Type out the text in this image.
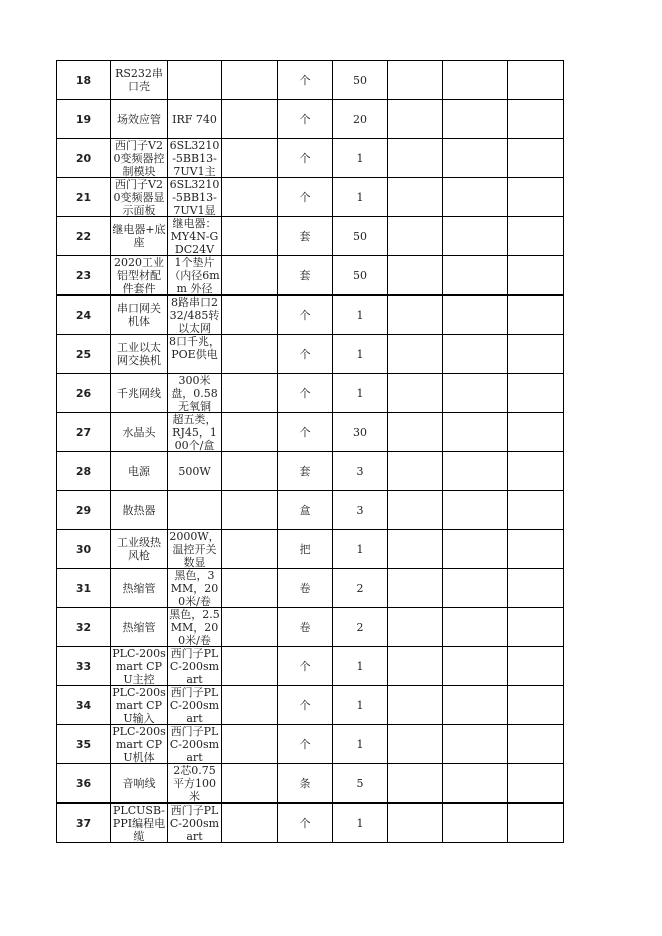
18	RS232串口壳			个	50			

19	场效应管	IRF 740		个	20			

20	西门子V20变频器控制模块	6SL3210-5BB13-7UV1主		个	1			

21	西门子V20变频器显示面板	6SL3210-5BB13-7UV1显		个	1			

22	继电器+底座	继电器：MY4N-G DC24V		套	50			

23	2020工业铝型材配件套件	1个垫片（内径6mm 外径		套	50			

24	串口网关机体	8路串口232/485转以太网		个	1			

25	工业以太网交换机	8口千兆，POE供电		个	1			

26	千兆网线	300米盘，0.58无氧铜		个	1			

27	水晶头	超五类，RJ45，100个/盒		个	30			

28	电源	500W		套	3			

29	散热器			盒	3			

30	工业级热风枪	2000W，温控开关数显		把	1			

31	热缩管	黑色，3MM，200米/卷		卷	2			

32	热缩管	黑色，2.5MM，200米/卷		卷	2			

33	PLC-200smart CPU主控	西门子PLC-200smart		个	1			

34	PLC-200smart CPU输入	西门子PLC-200smart		个	1			

35	PLC-200smart CPU机体	西门子PLC-200smart		个	1			

36	音响线	2芯0.75平方100米		条	5			

37	PLCUSB-PPI编程电缆	西门子PLC-200smart		个	1			
